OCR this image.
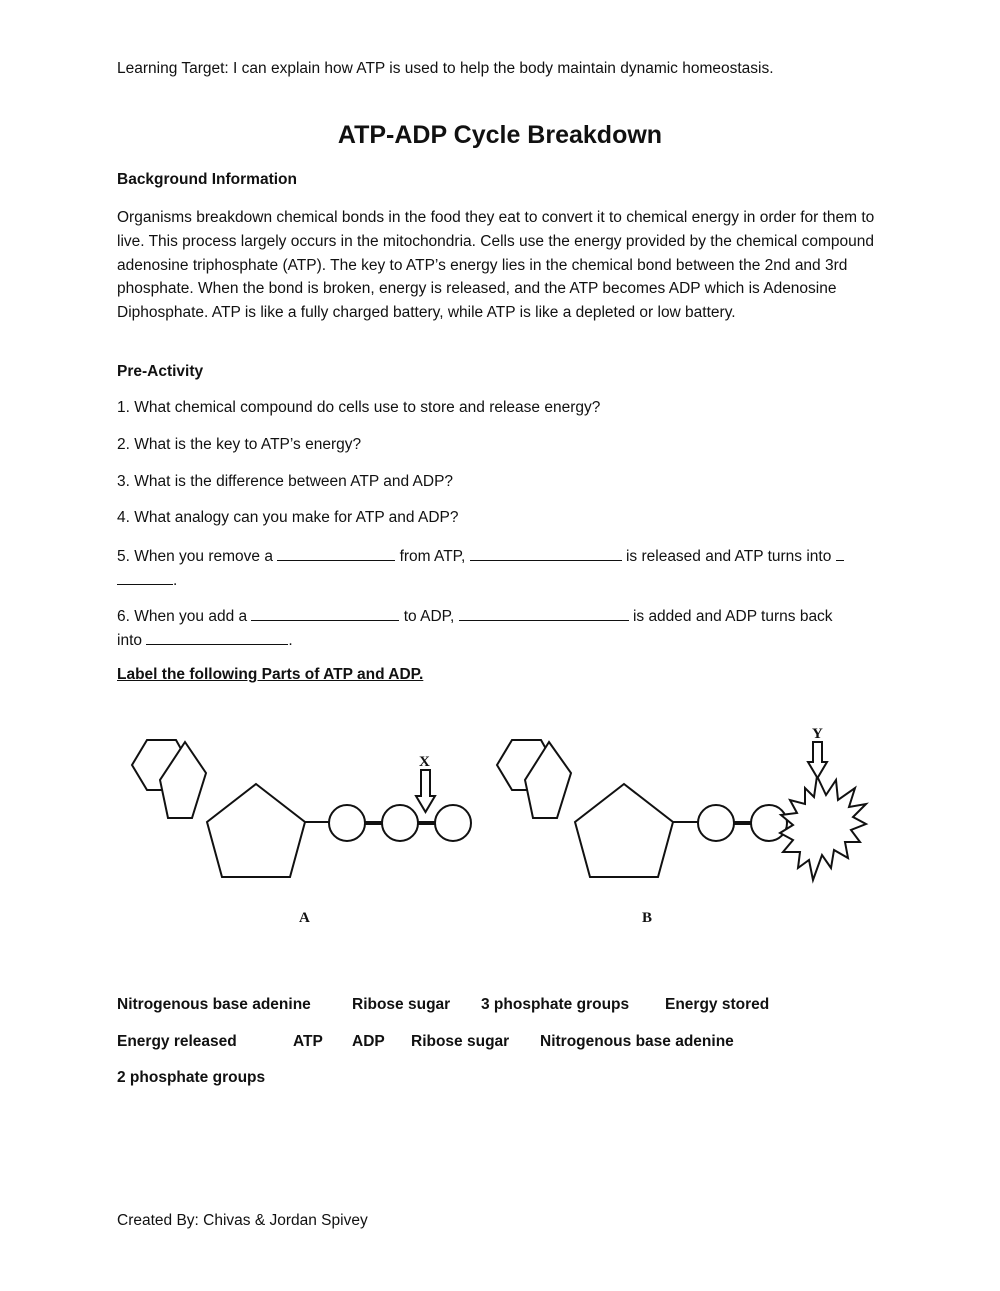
Learning Target: I can explain how ATP is used to help the body maintain dynamic homeostasis.
ATP-ADP Cycle Breakdown
Background Information
Organisms breakdown chemical bonds in the food they eat to convert it to chemical energy in order for them to live. This process largely occurs in the mitochondria. Cells use the energy provided by the chemical compound adenosine triphosphate (ATP). The key to ATP’s energy lies in the chemical bond between the 2nd and 3rd phosphate. When the bond is broken, energy is released, and the ATP becomes ADP which is Adenosine Diphosphate. ATP is like a fully charged battery, while ATP is like a depleted or low battery.
Pre-Activity
1. What chemical compound do cells use to store and release energy?
2. What is the key to ATP’s energy?
3. What is the difference between ATP and ADP?
4. What analogy can you make for ATP and ADP?
5. When you remove a	from ATP,	is released and ATP turns into
.
6. When you add a	to ADP,	is added and ADP turns back
into	.
Label the following Parts of ATP and ADP.
X
Y
A	B
Nitrogenous base adenine	Ribose sugar 3 phosphate groups Energy stored
Energy released	ATP ADP Ribose sugar Nitrogenous base adenine
2 phosphate groups
Created By: Chivas & Jordan Spivey
